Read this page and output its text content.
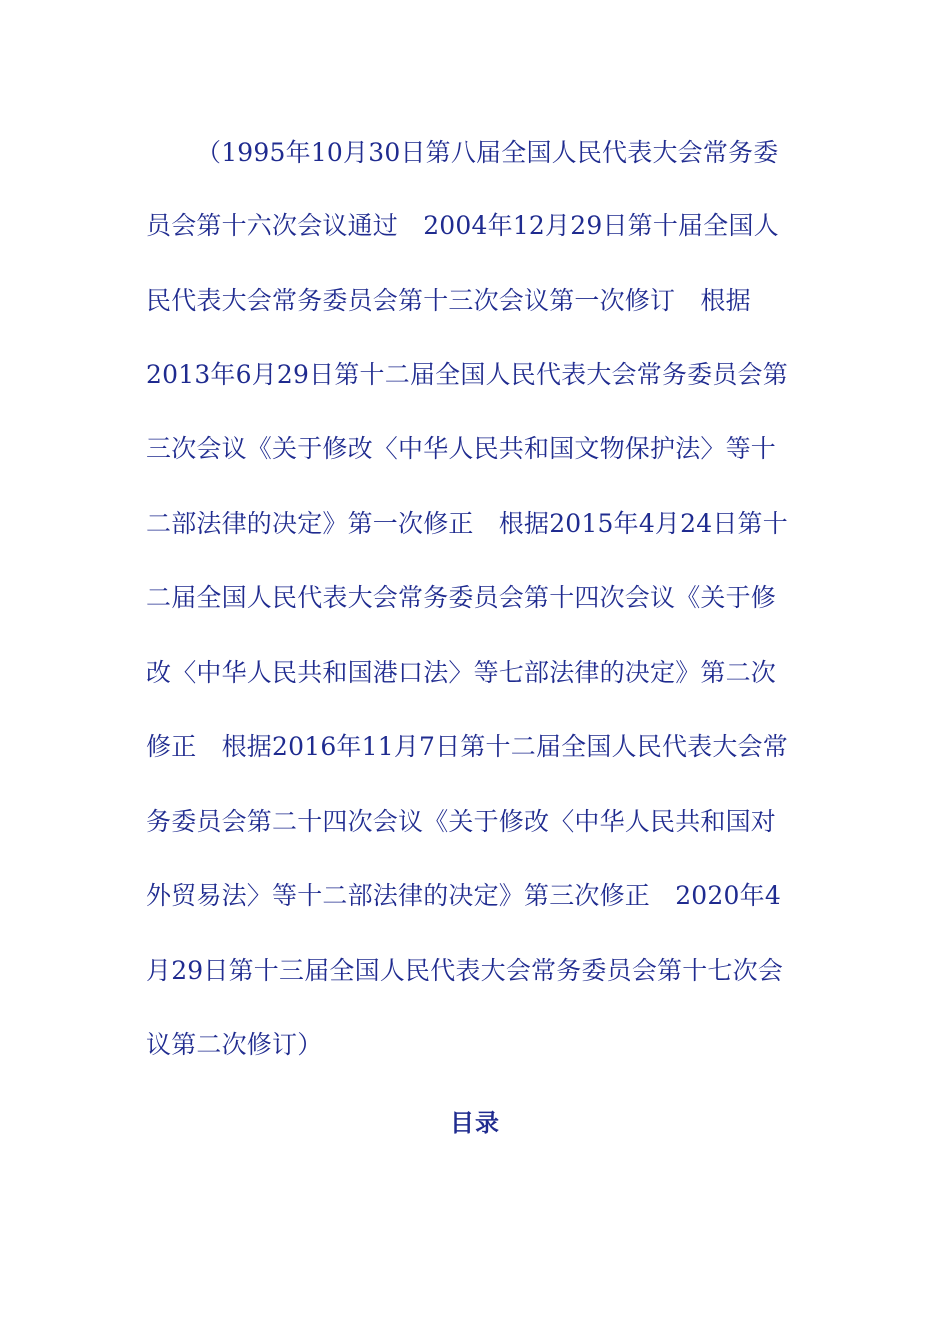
（1995年10月30日第八届全国人民代表大会常务委
员会第十六次会议通过　2004年12月29日第十届全国人
民代表大会常务委员会第十三次会议第一次修订　根据
2013年6月29日第十二届全国人民代表大会常务委员会第
三次会议《关于修改〈中华人民共和国文物保护法〉等十
二部法律的决定》第一次修正　根据2015年4月24日第十
二届全国人民代表大会常务委员会第十四次会议《关于修
改〈中华人民共和国港口法〉等七部法律的决定》第二次
修正　根据2016年11月7日第十二届全国人民代表大会常
务委员会第二十四次会议《关于修改〈中华人民共和国对
外贸易法〉等十二部法律的决定》第三次修正　2020年4
月29日第十三届全国人民代表大会常务委员会第十七次会
议第二次修订）
目录
